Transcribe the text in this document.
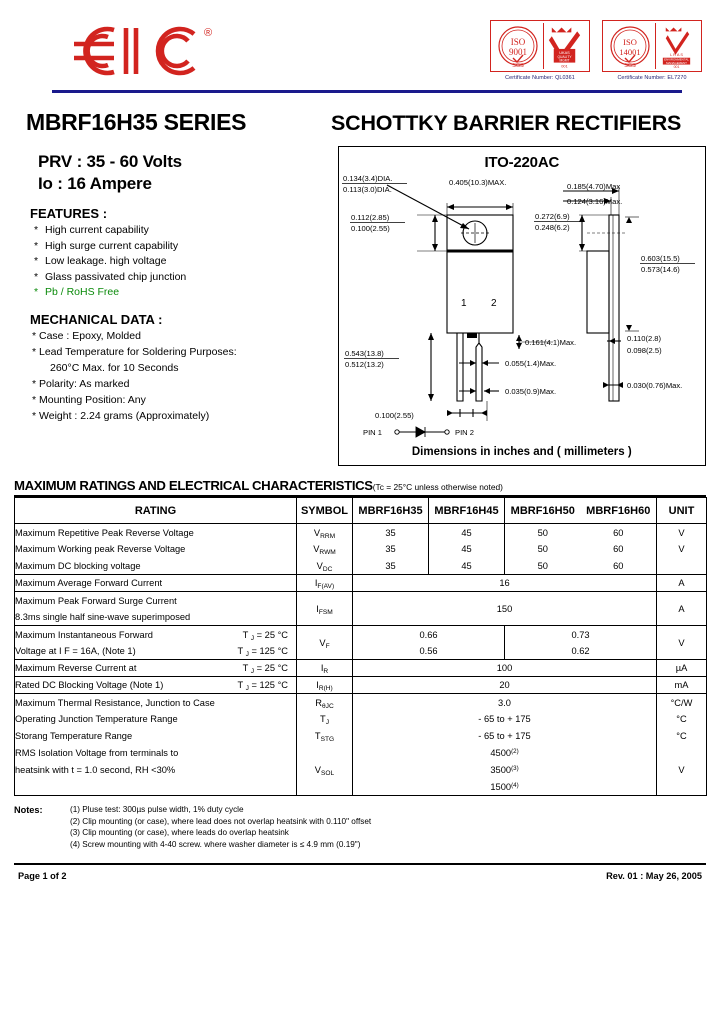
®
ISO
9001
SGS
UKAS
QUALITY
MGMT
001
Certificate Number: QL0361
ISO
14001
SGS
L R A S
ENVIRONMENTAL
MANAGEMENT
001
Certificate Number: EL7270
MBRF16H35 SERIES	SCHOTTKY BARRIER RECTIFIERS
PRV : 35 - 60 Volts
Io : 16 Ampere
FEATURES :
* High current capability
* High surge current capability
* Low leakage. high voltage
* Glass passivated chip junction
* Pb / RoHS Free
MECHANICAL DATA :
* Case : Epoxy, Molded
* Lead Temperature for Soldering Purposes:
260°C Max. for 10 Seconds
* Polarity: As marked
* Mounting Position: Any
* Weight : 2.24 grams (Approximately)
ITO-220AC
0.134(3.4)DIA.
0.113(3.0)DIA.
0.112(2.85)
0.100(2.55)
0.405(10.3)MAX.
0.543(13.8)
0.512(13.2)
0.161(4.1)Max.
0.055(1.4)Max.
0.035(0.9)Max.
0.100(2.55)
0.185(4.70)Max
0.124(3.16)Max.
0.272(6.9)
0.248(6.2)
0.603(15.5)
0.573(14.6)
0.110(2.8)
0.098(2.5)
0.030(0.76)Max.
1 2
PIN 1	PIN 2
Dimensions in inches and ( millimeters )
MAXIMUM RATINGS AND ELECTRICAL CHARACTERISTICS (Tc = 25°C unless otherwise noted)
RATING	SYMBOL	MBRF16H35	MBRF16H45	MBRF16H50	MBRF16H60	UNIT
Maximum Repetitive Peak Reverse Voltage	$V_{RRM}$	35	45	50	60	V
Maximum Working peak Reverse Voltage	$V_{RWM}$	35	45	50	60	V
Maximum DC blocking voltage	$V_{DC}$	35	45	50	60	
Maximum Average Forward Current	$I_{F(AV)}$	16				A
Maximum Peak Forward Surge Current	$I_{FSM}$	150				A
8.3ms single half sine-wave superimposed						
Maximum Instantaneous Forward T $_J$ = 25 °C	$V_F$	0.66		0.73		V
Voltage at I F = 16A, (Note 1) T $_J$ = 125 °C		0.56		0.62		
Maximum Reverse Current at T $_J$ = 25 °C	$I_R$	100				µA
Rated DC Blocking Voltage (Note 1) T $_J$ = 125 °C	$I_{R(H)}$	20				mA
Maximum Thermal Resistance, Junction to Case	$R_{\theta JC}$	3.0				°C/W
Operating Junction Temperature Range	$T_J$	- 65 to + 175				°C
Storang Temperature Range	$T_{STG}$	- 65 to + 175				°C
RMS Isolation Voltage from terminals to		4500$^{(2)}$	
heatsink with t = 1.0 second, RH <30%	$V_{SOL}$	3500$^{(3)}$				V
		1500$^{(4)}$	
Notes:	(1) Pluse test: 300µs pulse width, 1% duty cycle
(2) Clip mounting (or case), where lead does not overlap heatsink with 0.110" offset
(3) Clip mounting (or case), where leads do overlap heatsink
(4) Screw mounting with 4-40 screw. where washer diameter is ≤ 4.9 mm (0.19")
Page 1 of 2	Rev. 01 : May 26, 2005
